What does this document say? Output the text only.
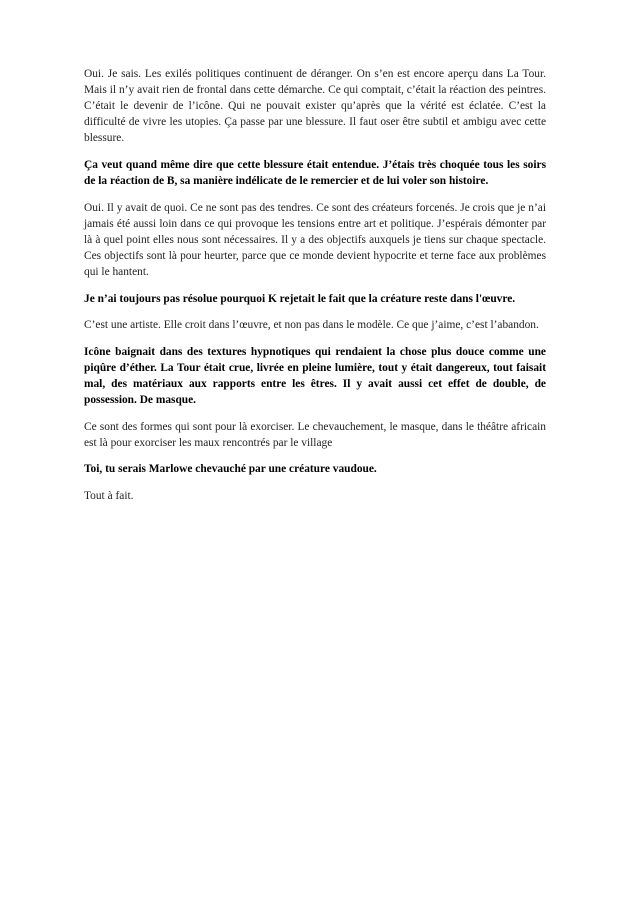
Oui. Je sais. Les exilés politiques continuent de déranger. On s’en est encore aperçu dans La Tour. Mais il n’y avait rien de frontal dans cette démarche. Ce qui comptait, c’était la réaction des peintres. C’était le devenir de l’icône. Qui ne pouvait exister qu’après que la vérité est éclatée. C’est la difficulté de vivre les utopies. Ça passe par une blessure. Il faut oser être subtil et ambigu avec cette blessure.

Ça veut quand même dire que cette blessure était entendue. J’étais très choquée tous les soirs de la réaction de B, sa manière indélicate de le remercier et de lui voler son histoire.

Oui. Il y avait de quoi. Ce ne sont pas des tendres. Ce sont des créateurs forcenés. Je crois que je n’ai jamais été aussi loin dans ce qui provoque les tensions entre art et politique. J’espérais démonter par là à quel point elles nous sont nécessaires. Il y a des objectifs auxquels je tiens sur chaque spectacle. Ces objectifs sont là pour heurter, parce que ce monde devient hypocrite et terne face aux problèmes qui le hantent.

Je n’ai toujours pas résolue pourquoi K rejetait le fait que la créature reste dans l'œuvre.

C’est une artiste. Elle croit dans l’œuvre, et non pas dans le modèle. Ce que j’aime, c’est l’abandon.

Icône baignait dans des textures hypnotiques qui rendaient la chose plus douce comme une piqûre d’éther. La Tour était crue, livrée en pleine lumière, tout y était dangereux, tout faisait mal, des matériaux aux rapports entre les êtres. Il y avait aussi cet effet de double, de possession. De masque.

Ce sont des formes qui sont pour là exorciser. Le chevauchement, le masque, dans le théâtre africain est là pour exorciser les maux rencontrés par le village

Toi, tu serais Marlowe chevauché par une créature vaudoue.

Tout à fait.
